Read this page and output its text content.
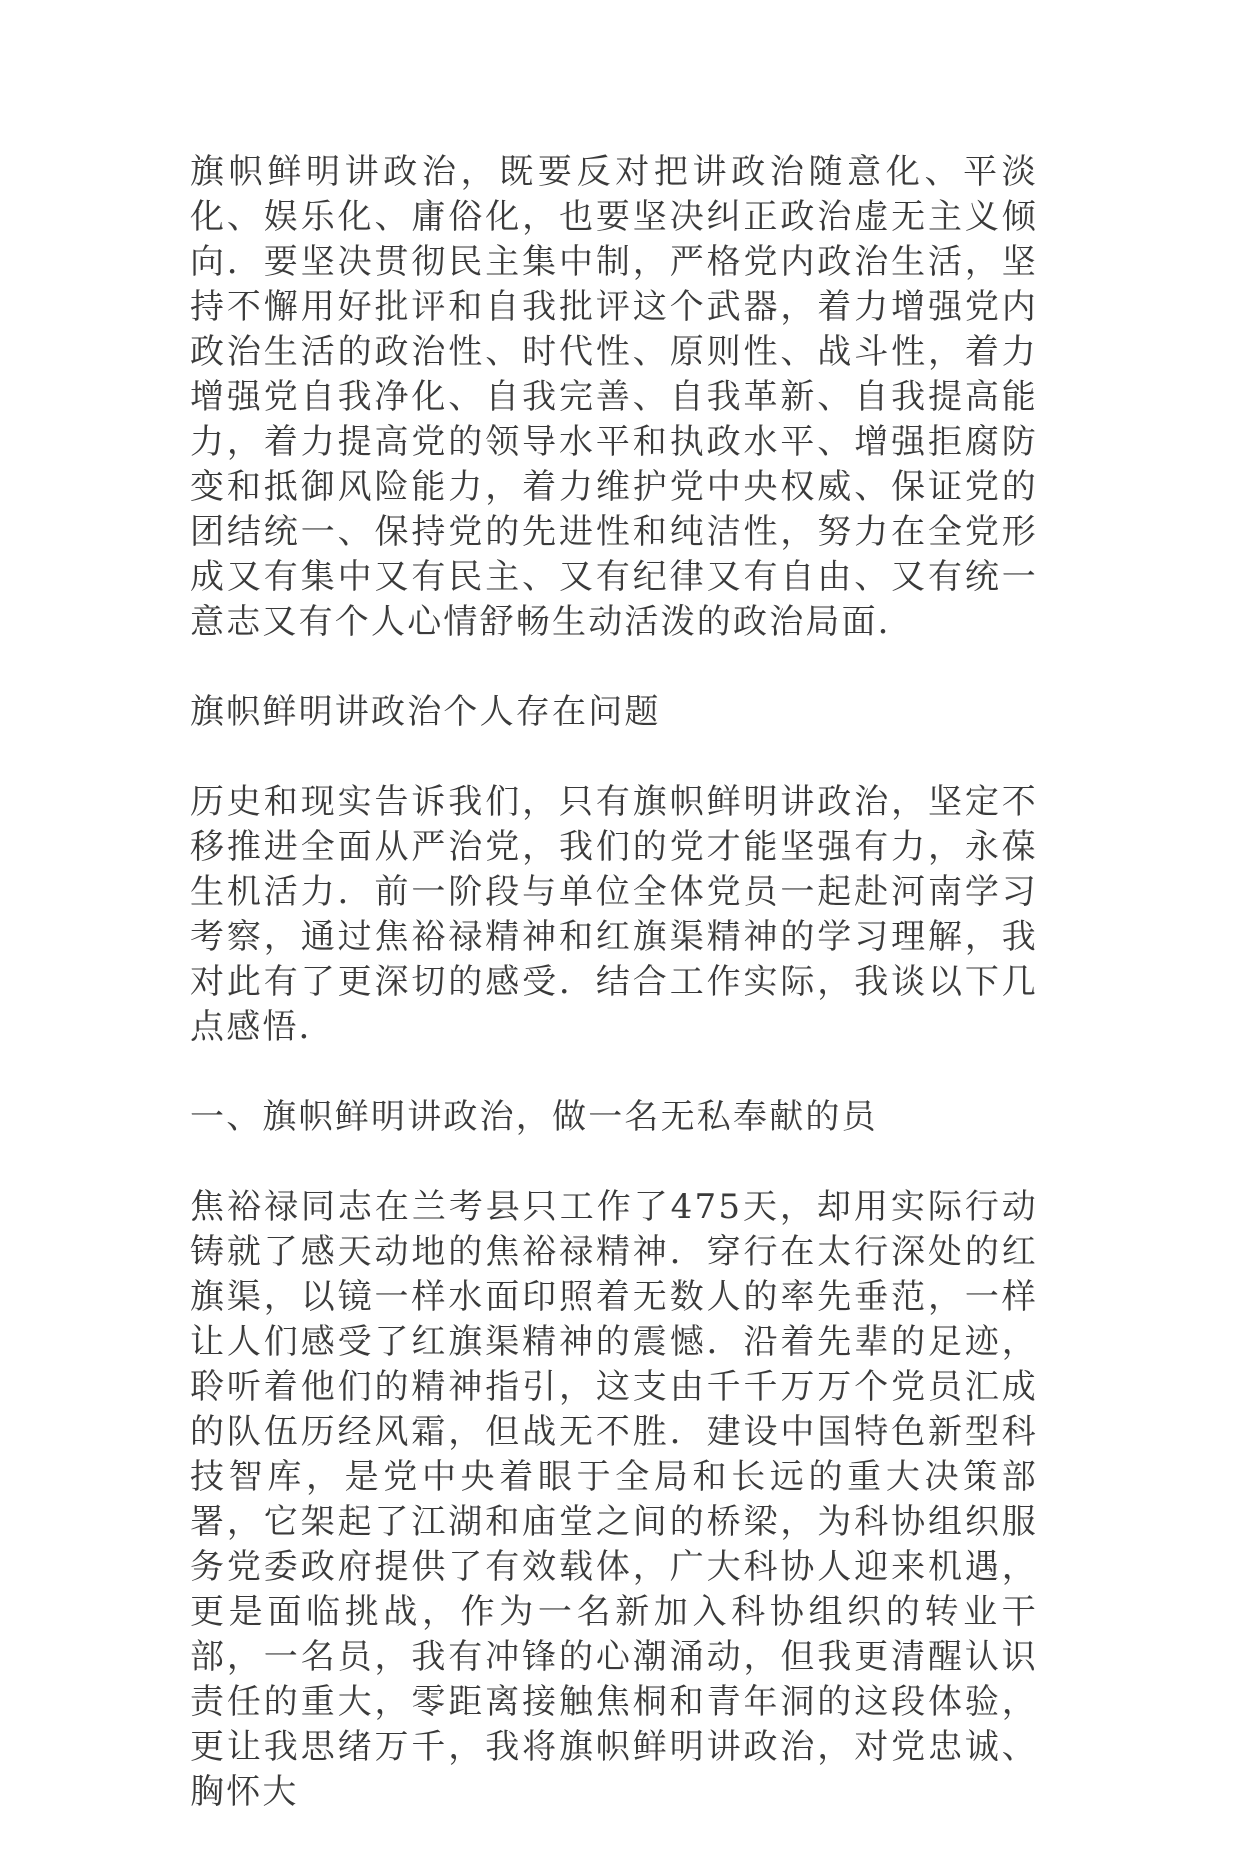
旗帜鲜明讲政治，既要反对把讲政治随意化、平淡化、娱乐化、庸俗化，也要坚决纠正政治虚无主义倾向．要坚决贯彻民主集中制，严格党内政治生活，坚持不懈用好批评和自我批评这个武器，着力增强党内政治生活的政治性、时代性、原则性、战斗性，着力增强党自我净化、自我完善、自我革新、自我提高能力，着力提高党的领导水平和执政水平、增强拒腐防变和抵御风险能力，着力维护党中央权威、保证党的团结统一、保持党的先进性和纯洁性，努力在全党形成又有集中又有民主、又有纪律又有自由、又有统一意志又有个人心情舒畅生动活泼的政治局面．

旗帜鲜明讲政治个人存在问题

历史和现实告诉我们，只有旗帜鲜明讲政治，坚定不移推进全面从严治党，我们的党才能坚强有力，永葆生机活力．前一阶段与单位全体党员一起赴河南学习考察，通过焦裕禄精神和红旗渠精神的学习理解，我对此有了更深切的感受．结合工作实际，我谈以下几点感悟．

一、旗帜鲜明讲政治，做一名无私奉献的员

焦裕禄同志在兰考县只工作了475天，却用实际行动铸就了感天动地的焦裕禄精神．穿行在太行深处的红旗渠，以镜一样水面印照着无数人的率先垂范，一样让人们感受了红旗渠精神的震憾．沿着先辈的足迹，聆听着他们的精神指引，这支由千千万万个党员汇成的队伍历经风霜，但战无不胜．建设中国特色新型科技智库，是党中央着眼于全局和长远的重大决策部署，它架起了江湖和庙堂之间的桥梁，为科协组织服务党委政府提供了有效载体，广大科协人迎来机遇，更是面临挑战，作为一名新加入科协组织的转业干部，一名员，我有冲锋的心潮涌动，但我更清醒认识责任的重大，零距离接触焦桐和青年洞的这段体验，更让我思绪万千，我将旗帜鲜明讲政治，对党忠诚、胸怀大
